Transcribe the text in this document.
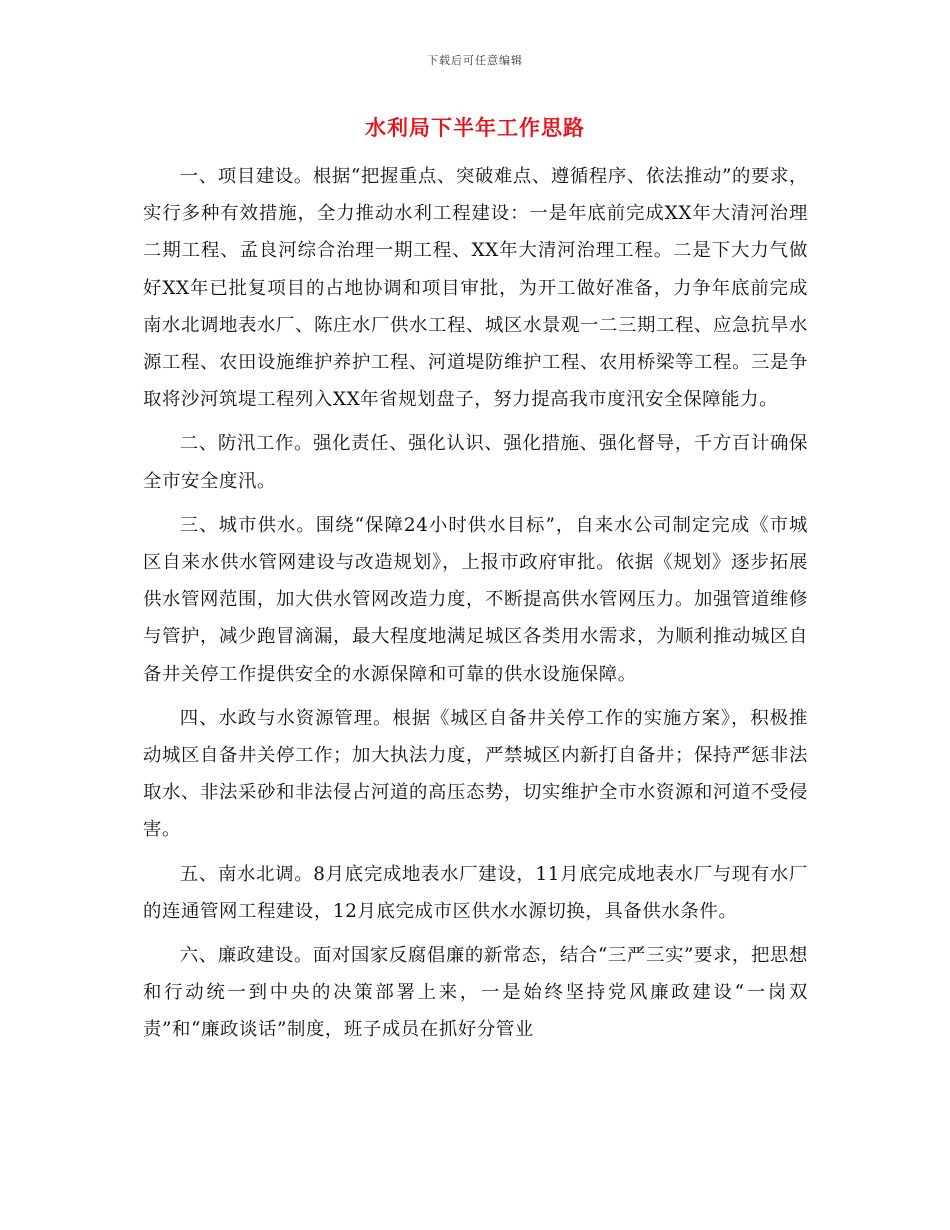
下载后可任意编辑
水利局下半年工作思路

一、项目建设。根据“把握重点、突破难点、遵循程序、依法推动”的要求，实行多种有效措施，全力推动水利工程建设：一是年底前完成XX年大清河治理二期工程、孟良河综合治理一期工程、XX年大清河治理工程。二是下大力气做好XX年已批复项目的占地协调和项目审批，为开工做好准备，力争年底前完成南水北调地表水厂、陈庄水厂供水工程、城区水景观一二三期工程、应急抗旱水源工程、农田设施维护养护工程、河道堤防维护工程、农用桥梁等工程。三是争取将沙河筑堤工程列入XX年省规划盘子，努力提高我市度汛安全保障能力。

二、防汛工作。强化责任、强化认识、强化措施、强化督导，千方百计确保全市安全度汛。

三、城市供水。围绕“保障24小时供水目标”，自来水公司制定完成《市城区自来水供水管网建设与改造规划》，上报市政府审批。依据《规划》逐步拓展供水管网范围，加大供水管网改造力度，不断提高供水管网压力。加强管道维修与管护，减少跑冒滴漏，最大程度地满足城区各类用水需求，为顺利推动城区自备井关停工作提供安全的水源保障和可靠的供水设施保障。

四、水政与水资源管理。根据《城区自备井关停工作的实施方案》，积极推动城区自备井关停工作；加大执法力度，严禁城区内新打自备井；保持严惩非法取水、非法采砂和非法侵占河道的高压态势，切实维护全市水资源和河道不受侵害。

五、南水北调。8月底完成地表水厂建设，11月底完成地表水厂与现有水厂的连通管网工程建设，12月底完成市区供水水源切换，具备供水条件。

六、廉政建设。面对国家反腐倡廉的新常态，结合“三严三实”要求，把思想和行动统一到中央的决策部署上来，一是始终坚持党风廉政建设“一岗双责”和“廉政谈话”制度，班子成员在抓好分管业
